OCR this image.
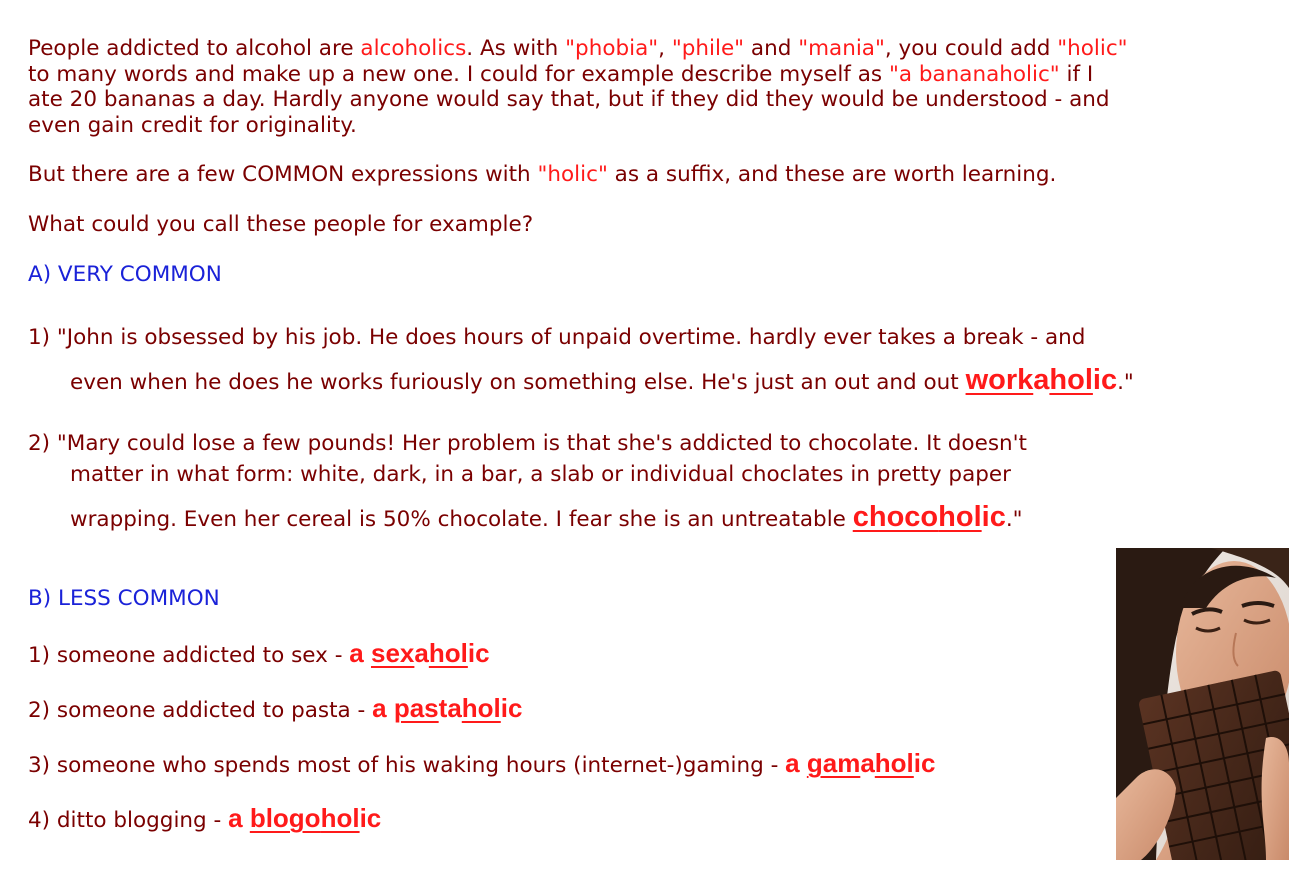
People addicted to alcohol are alcoholics. As with "phobia", "phile" and "mania", you could add "holic"
to many words and make up a new one. I could for example describe myself as "a bananaholic" if I
ate 20 bananas a day. Hardly anyone would say that, but if they did they would be understood - and
even gain credit for originality.
But there are a few COMMON expressions with "holic" as a suffix, and these are worth learning.
What could you call these people for example?
A) VERY COMMON
1) "John is obsessed by his job. He does hours of unpaid overtime. hardly ever takes a break - and
even when he does he works furiously on something else. He's just an out and out workaholic."
2) "Mary could lose a few pounds! Her problem is that she's addicted to chocolate. It doesn't
matter in what form: white, dark, in a bar, a slab or individual choclates in pretty paper
wrapping. Even her cereal is 50% chocolate. I fear she is an untreatable chocoholic."
B) LESS COMMON
1) someone addicted to sex - a sexaholic
2) someone addicted to pasta - a pastaholic
3) someone who spends most of his waking hours (internet-)gaming - a gamaholic
4) ditto blogging - a blogoholic
